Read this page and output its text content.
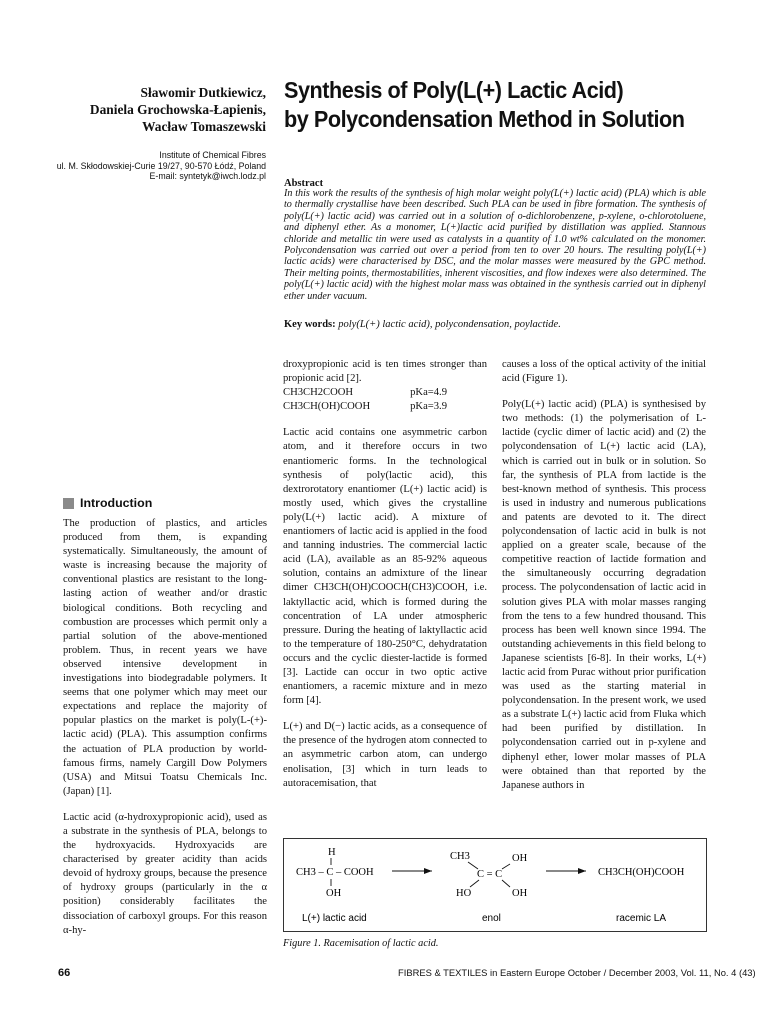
Sławomir Dutkiewicz,
Daniela Grochowska-Łapienis,
Wacław Tomaszewski
Institute of Chemical Fibres
ul. M. Skłodowskiej-Curie 19/27, 90-570 Łódź, Poland
E-mail: syntetyk@iwch.lodz.pl
Synthesis of Poly(L(+) Lactic Acid)
by Polycondensation Method in Solution
Abstract
In this work the results of the synthesis of high molar weight poly(L(+) lactic acid) (PLA) which is able to thermally crystallise have been described. Such PLA can be used in fibre formation. The synthesis of poly(L(+) lactic acid) was carried out in a solution of o-dichlorobenzene, p-xylene, o-chlorotoluene, and diphenyl ether. As a monomer, L(+)lactic acid purified by distillation was applied. Stannous chloride and metallic tin were used as catalysts in a quantity of 1.0 wt% calculated on the monomer. Polycondensation was carried out over a period from ten to over 20 hours. The resulting poly(L(+) lactic acids) were characterised by DSC, and the molar masses were measured by the GPC method. Their melting points, thermostabilities, inherent viscosities, and flow indexes were also determined. The poly(L(+) lactic acid) with the highest molar mass was obtained in the synthesis carried out in diphenyl ether under vacuum.
Key words: poly(L(+) lactic acid), polycondensation, poylactide.
Introduction

The production of plastics, and articles produced from them, is expanding systematically. Simultaneously, the amount of waste is increasing because the majority of conventional plastics are resistant to the long-lasting action of weather and/or drastic biological conditions. Both recycling and combustion are processes which permit only a partial solution of the above-mentioned problem. Thus, in recent years we have observed intensive development in investigations into biodegradable polymers. It seems that one polymer which may meet our expectations and replace the majority of popular plastics on the market is poly(L-(+)-lactic acid) (PLA). This assumption confirms the actuation of PLA production by world-famous firms, namely Cargill Dow Polymers (USA) and Mitsui Toatsu Chemicals Inc. (Japan) [1].

Lactic acid (α-hydroxypropionic acid), used as a substrate in the synthesis of PLA, belongs to the hydroxyacids. Hydroxyacids are characterised by greater acidity than acids devoid of hydroxy groups, because the presence of hydroxy groups (particularly in the α position) considerably facilitates the dissociation of carboxyl groups. For this reason α-hy-

droxypropionic acid is ten times stronger than propionic acid [2].
CH3CH2COOH	pKa=4.9
CH3CH(OH)COOH	pKa=3.9

Lactic acid contains one asymmetric carbon atom, and it therefore occurs in two enantiomeric forms. In the technological synthesis of poly(lactic acid), this dextrorotatory enantiomer (L(+) lactic acid) is mostly used, which gives the crystalline poly(L(+) lactic acid). A mixture of enantiomers of lactic acid is applied in the food and tanning industries. The commercial lactic acid (LA), available as an 85-92% aqueous solution, contains an admixture of the linear dimer CH3CH(OH)COOCH(CH3)COOH, i.e. laktyllactic acid, which is formed during the concentration of LA under atmospheric pressure. During the heating of laktyllactic acid to the temperature of 180-250°C, dehydratation occurs and the cyclic diester-lactide is formed [3]. Lactide can occur in two optic active enantiomers, a racemic mixture and in mezo form [4].

L(+) and D(−) lactic acids, as a consequence of the presence of the hydrogen atom connected to an asymmetric carbon atom, can undergo enolisation, [3] which in turn leads to autoracemisation, that

causes a loss of the optical activity of the initial acid (Figure 1).

Poly(L(+) lactic acid) (PLA) is synthesised by two methods: (1) the polymerisation of L-lactide (cyclic dimer of lactic acid) and (2) the polycondensation of L(+) lactic acid (LA), which is carried out in bulk or in solution. So far, the synthesis of PLA from lactide is the best-known method of synthesis. This process is used in industry and numerous publications and patents are devoted to it. The direct polycondensation of lactic acid in bulk is not applied on a greater scale, because of the competitive reaction of lactide formation and the simultaneously occurring degradation process. The polycondensation of lactic acid in solution gives PLA with molar masses ranging from the tens to a few hundred thousand. This process has been well known since 1994. The outstanding achievements in this field belong to Japanese scientists [6-8]. In their works, L(+) lactic acid from Purac without prior purification was used as the starting material in polycondensation. In the present work, we used as a substrate L(+) lactic acid from Fluka which had been purified by distillation. In polycondensation carried out in p-xylene and diphenyl ether, lower molar masses of PLA were obtained than that reported by the Japanese authors in

H
CH3 – C – COOH
OH
CH3	OH
C = C
HO	OH
CH3CH(OH)COOH
L(+) lactic acid	enol	racemic LA
Figure 1. Racemisation of lactic acid.
66	FIBRES & TEXTILES in Eastern Europe October / December 2003, Vol. 11, No. 4 (43)
